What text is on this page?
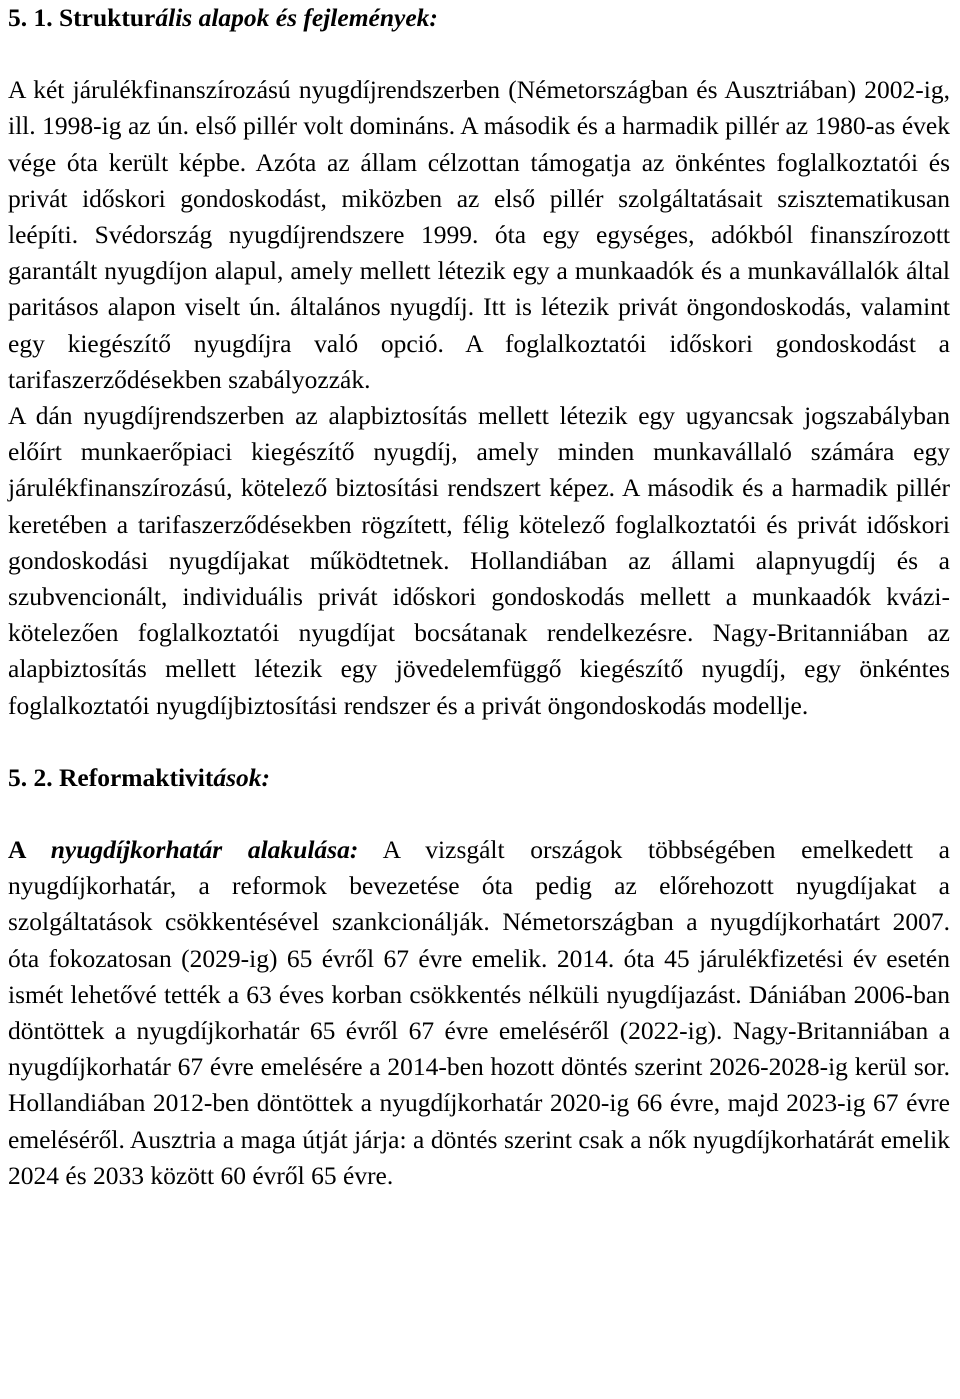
5. 1. Strukturális alapok és fejlemények:

A két járulékfinanszírozású nyugdíjrendszerben (Németországban és Ausztriában) 2002-ig, ill. 1998-ig az ún. első pillér volt domináns. A második és a harmadik pillér az 1980-as évek vége óta került képbe. Azóta az állam célzottan támogatja az önkéntes foglalkoztatói és privát időskori gondoskodást, miközben az első pillér szolgáltatásait szisztematikusan leépíti. Svédország nyugdíjrendszere 1999. óta egy egységes, adókból finanszírozott garantált nyugdíjon alapul, amely mellett létezik egy a munkaadók és a munkavállalók által paritásos alapon viselt ún. általános nyugdíj. Itt is létezik privát öngondoskodás, valamint egy kiegészítő nyugdíjra való opció. A foglalkoztatói időskori gondoskodást a tarifaszerződésekben szabályozzák.

A dán nyugdíjrendszerben az alapbiztosítás mellett létezik egy ugyancsak jogszabályban előírt munkaerőpiaci kiegészítő nyugdíj, amely minden munkavállaló számára egy járulékfinanszírozású, kötelező biztosítási rendszert képez. A második és a harmadik pillér keretében a tarifaszerződésekben rögzített, félig kötelező foglalkoztatói és privát időskori gondoskodási nyugdíjakat működtetnek. Hollandiában az állami alapnyugdíj és a szubvencionált, individuális privát időskori gondoskodás mellett a munkaadók kvázi-kötelezően foglalkoztatói nyugdíjat bocsátanak rendelkezésre. Nagy-Britanniában az alapbiztosítás mellett létezik egy jövedelemfüggő kiegészítő nyugdíj, egy önkéntes foglalkoztatói nyugdíjbiztosítási rendszer és a privát öngondoskodás modellje.

5. 2. Reformaktivitások:

A nyugdíjkorhatár alakulása: A vizsgált országok többségében emelkedett a nyugdíjkorhatár, a reformok bevezetése óta pedig az előrehozott nyugdíjakat a szolgáltatások csökkentésével szankcionálják. Németországban a nyugdíjkorhatárt 2007. óta fokozatosan (2029-ig) 65 évről 67 évre emelik. 2014. óta 45 járulékfizetési év esetén ismét lehetővé tették a 63 éves korban csökkentés nélküli nyugdíjazást. Dániában 2006-ban döntöttek a nyugdíjkorhatár 65 évről 67 évre emeléséről (2022-ig). Nagy-Britanniában a nyugdíjkorhatár 67 évre emelésére a 2014-ben hozott döntés szerint 2026-2028-ig kerül sor. Hollandiában 2012-ben döntöttek a nyugdíjkorhatár 2020-ig 66 évre, majd 2023-ig 67 évre emeléséről. Ausztria a maga útját járja: a döntés szerint csak a nők nyugdíjkorhatárát emelik 2024 és 2033 között 60 évről 65 évre.
